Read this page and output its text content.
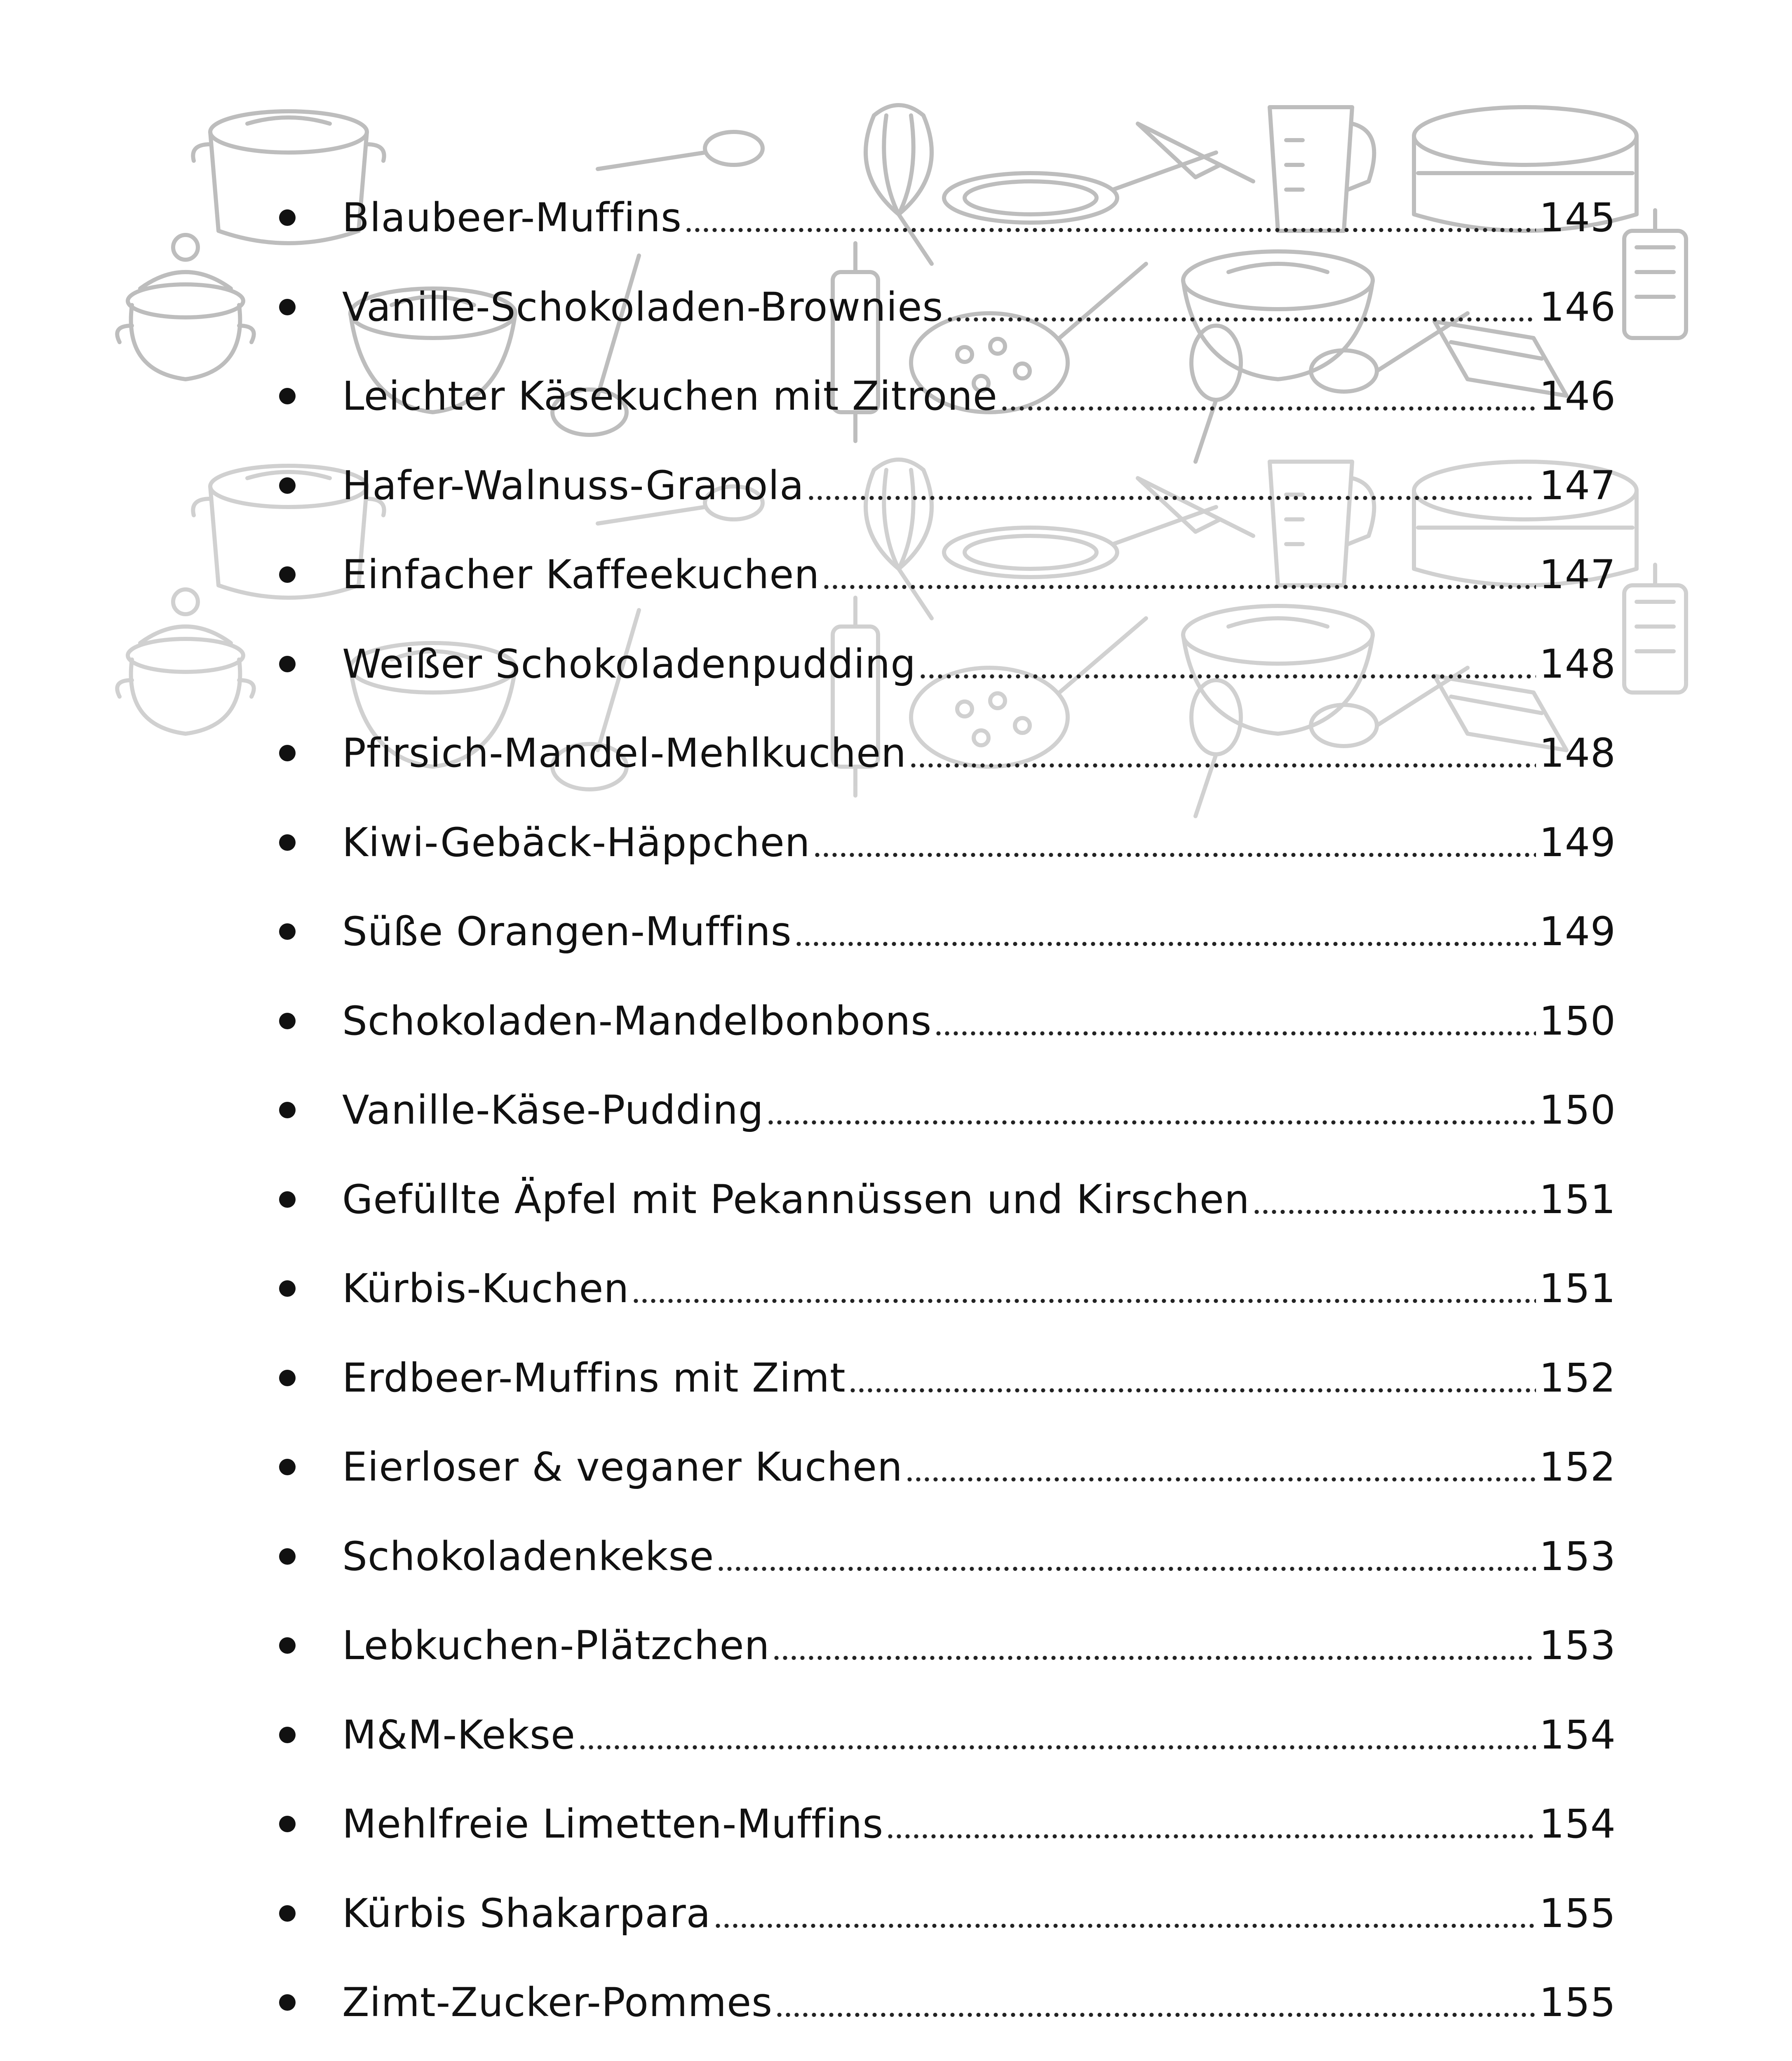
Blaubeer-Muffins	145
Vanille-Schokoladen-Brownies	146
Leichter Käsekuchen mit Zitrone	146
Hafer-Walnuss-Granola	147
Einfacher Kaffeekuchen	147
Weißer Schokoladenpudding	148
Pfirsich-Mandel-Mehlkuchen	148
Kiwi-Gebäck-Häppchen	149
Süße Orangen-Muffins	149
Schokoladen-Mandelbonbons	150
Vanille-Käse-Pudding	150
Gefüllte Äpfel mit Pekannüssen und Kirschen	151
Kürbis-Kuchen	151
Erdbeer-Muffins mit Zimt	152
Eierloser & veganer Kuchen	152
Schokoladenkekse	153
Lebkuchen-Plätzchen	153
M&M-Kekse	154
Mehlfreie Limetten-Muffins	154
Kürbis Shakarpara	155
Zimt-Zucker-Pommes	155
